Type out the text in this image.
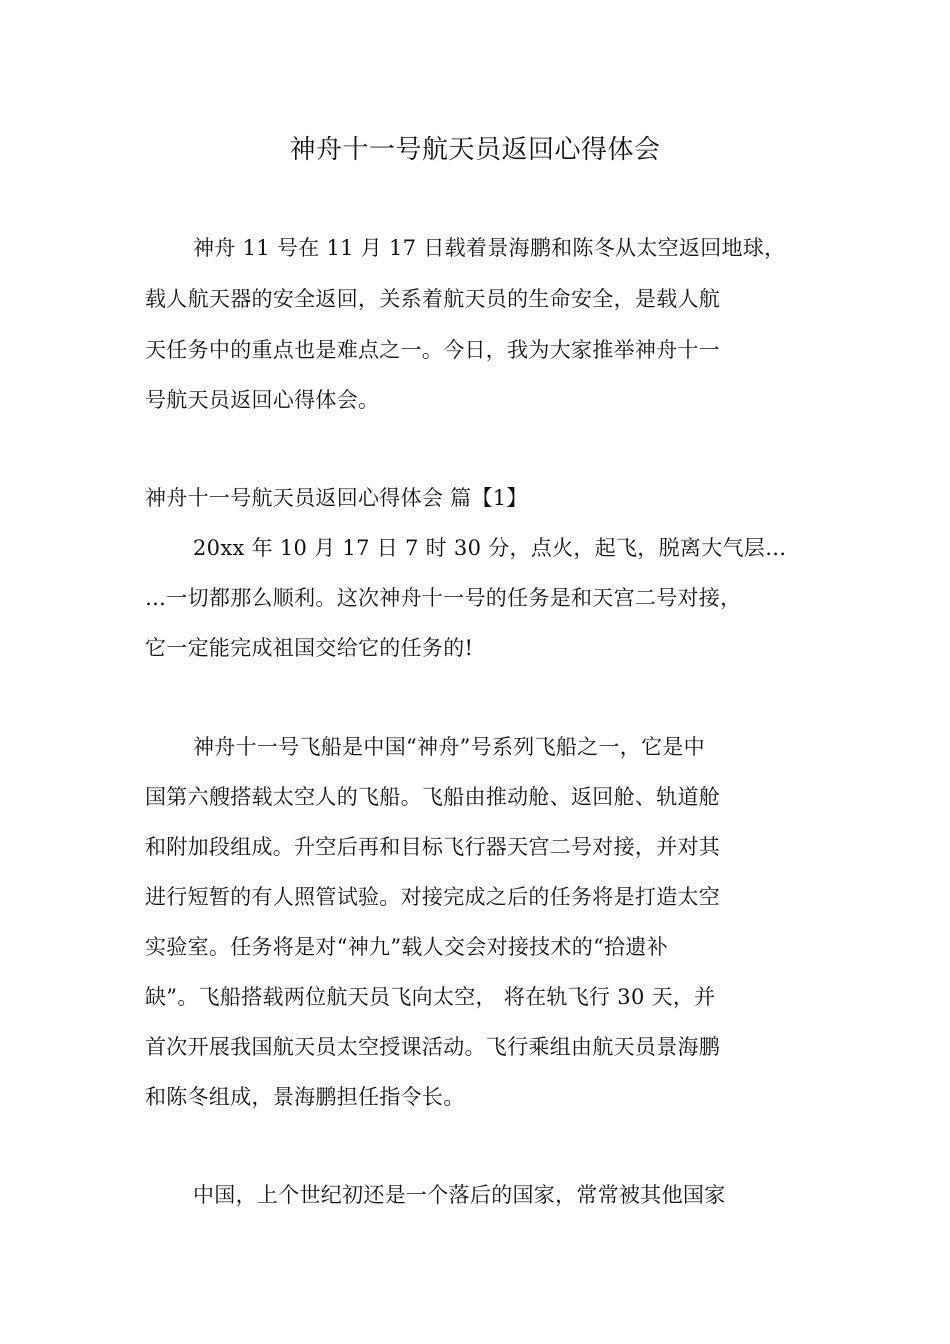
神舟十一号航天员返回心得体会
神舟 11 号在 11 月 17 日载着景海鹏和陈冬从太空返回地球，
载人航天器的安全返回，关系着航天员的生命安全，是载人航
天任务中的重点也是难点之一。今日，我为大家推举神舟十一
号航天员返回心得体会。
神舟十一号航天员返回心得体会 篇【1】
20xx 年 10 月 17 日 7 时 30 分，点火，起飞，脱离大气层…
…一切都那么顺利。这次神舟十一号的任务是和天宫二号对接，
它一定能完成祖国交给它的任务的!
神舟十一号飞船是中国“神舟”号系列飞船之一，它是中
国第六艘搭载太空人的飞船。飞船由推动舱、返回舱、轨道舱
和附加段组成。升空后再和目标飞行器天宫二号对接，并对其
进行短暂的有人照管试验。对接完成之后的任务将是打造太空
实验室。任务将是对“神九”载人交会对接技术的“拾遗补
缺”。飞船搭载两位航天员飞向太空， 将在轨飞行 30 天，并
首次开展我国航天员太空授课活动。飞行乘组由航天员景海鹏
和陈冬组成，景海鹏担任指令长。
中国，上个世纪初还是一个落后的国家，常常被其他国家
